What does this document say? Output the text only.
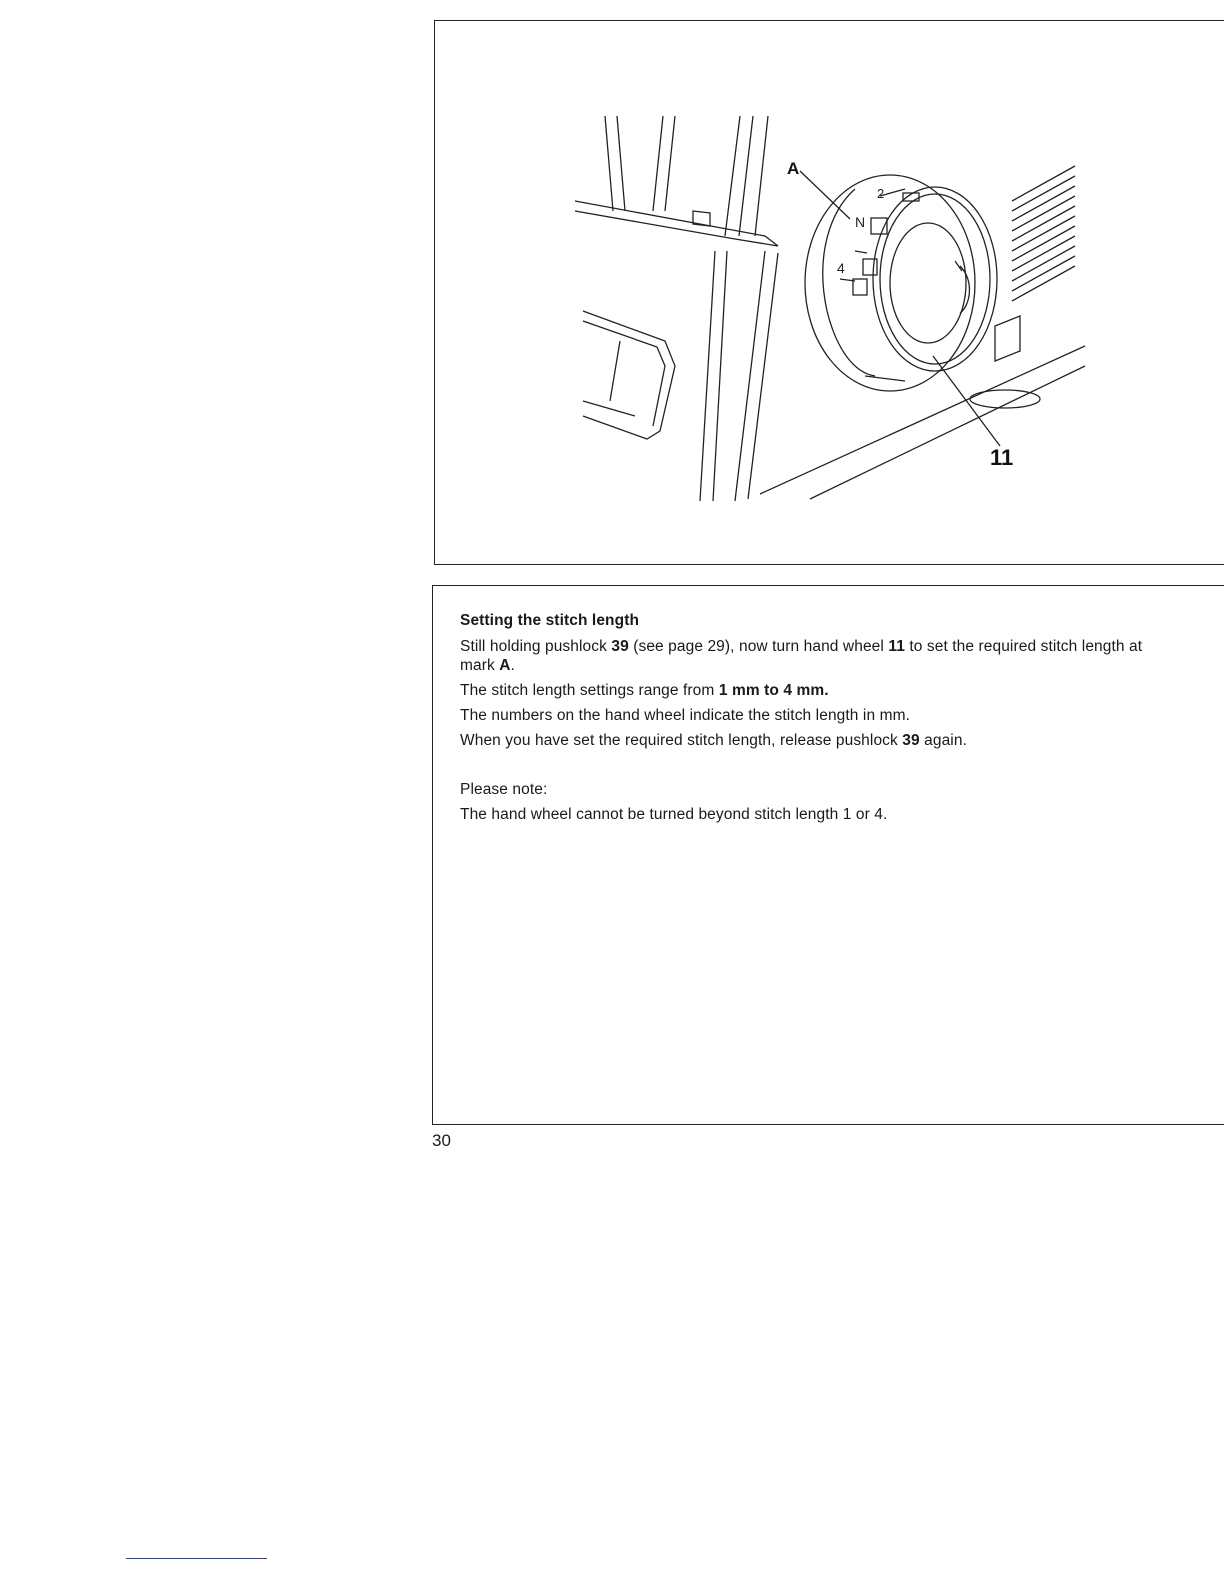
2
N
4
A
11
Setting the stitch length

Still holding pushlock 39 (see page 29), now turn hand wheel 11 to set the required stitch length at mark A.

The stitch length settings range from 1 mm to 4 mm.

The numbers on the hand wheel indicate the stitch length in mm.

When you have set the required stitch length, release pushlock 39 again.

Please note:

The hand wheel cannot be turned beyond stitch length 1 or 4.

30
